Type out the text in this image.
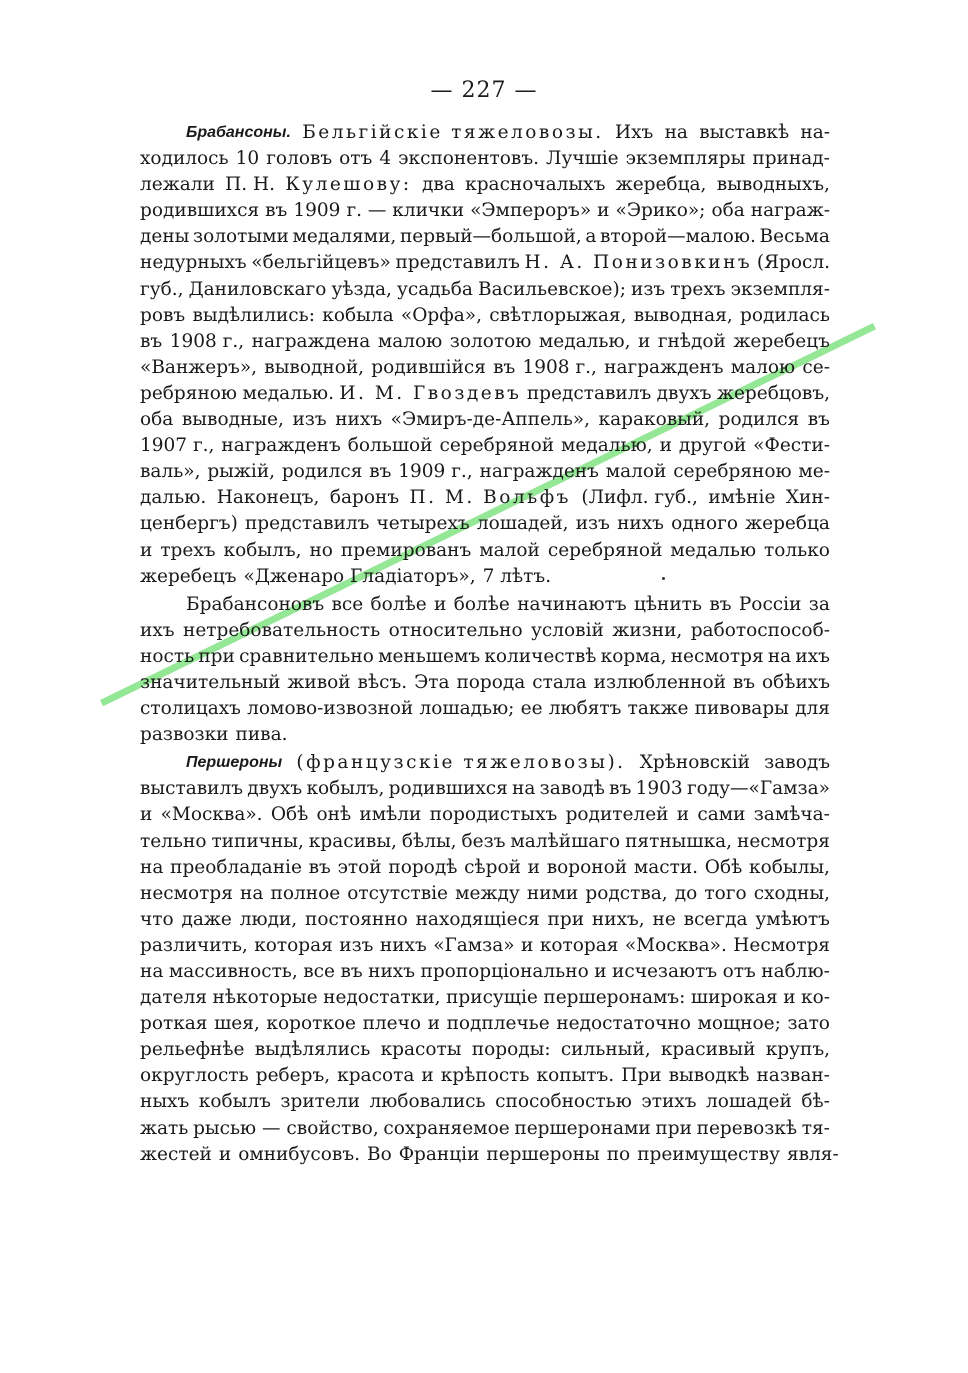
— 227 —
Брабансоны. Бельгійскіе тяжеловозы. Ихъ на выставкѣ на-
ходилось 10 головъ отъ 4 экспонентовъ. Лучшіе экземпляры принад-
лежали П. Н. Кулешову: два красночалыхъ жеребца, выводныхъ,
родившихся въ 1909 г. — клички «Эмпероръ» и «Эрико»; оба награж-
дены золотыми медалями, первый—большой, а второй—малою. Весьма
недурныхъ «бельгійцевъ» представилъ Н. А. Понизовкинъ (Яросл.
губ., Даниловскаго уѣзда, усадьба Васильевское); изъ трехъ экземпля-
ровъ выдѣлились: кобыла «Орфа», свѣтлорыжая, выводная, родилась
въ 1908 г., награждена малою золотою медалью, и гнѣдой жеребецъ
«Ванжеръ», выводной, родившійся въ 1908 г., награжденъ малою се-
ребряною медалью. И. М. Гвоздевъ представилъ двухъ жеребцовъ,
оба выводные, изъ нихъ «Эмиръ-де-Аппель», караковый, родился въ
1907 г., награжденъ большой серебряной медалью, и другой «Фести-
валь», рыжій, родился въ 1909 г., награжденъ малой серебряною ме-
далью. Наконецъ, баронъ П. М. Вольфъ (Лифл. губ., имѣніе Хин-
ценбергъ) представилъ четырехъ лошадей, изъ нихъ одного жеребца
и трехъ кобылъ, но премированъ малой серебряной медалью только
жеребецъ «Дженаро Гладіаторъ», 7 лѣтъ.
Брабансоновъ все болѣе и болѣе начинаютъ цѣнить въ Россіи за
ихъ нетребовательность относительно условій жизни, работоспособ-
ность при сравнительно меньшемъ количествѣ корма, несмотря на ихъ
значительный живой вѣсъ. Эта порода стала излюбленной въ обѣихъ
столицахъ ломово-извозной лошадью; ее любятъ также пивовары для
развозки пива.
Першероны (французскіе тяжеловозы). Хрѣновскій заводъ
выставилъ двухъ кобылъ, родившихся на заводѣ въ 1903 году—«Гамза»
и «Москва». Обѣ онѣ имѣли породистыхъ родителей и сами замѣча-
тельно типичны, красивы, бѣлы, безъ малѣйшаго пятнышка, несмотря
на преобладаніе въ этой породѣ сѣрой и вороной масти. Обѣ кобылы,
несмотря на полное отсутствіе между ними родства, до того сходны,
что даже люди, постоянно находящіеся при нихъ, не всегда умѣютъ
различить, которая изъ нихъ «Гамза» и которая «Москва». Несмотря
на массивность, все въ нихъ пропорціонально и исчезаютъ отъ наблю-
дателя нѣкоторые недостатки, присущіе першеронамъ: широкая и ко-
роткая шея, короткое плечо и подплечье недостаточно мощное; зато
рельефнѣе выдѣлялись красоты породы: сильный, красивый крупъ,
округлость реберъ, красота и крѣпость копытъ. При выводкѣ назван-
ныхъ кобылъ зрители любовались способностью этихъ лошадей бѣ-
жать рысью — свойство, сохраняемое першеронами при перевозкѣ тя-
жестей и омнибусовъ. Во Франціи першероны по преимуществу явля-
